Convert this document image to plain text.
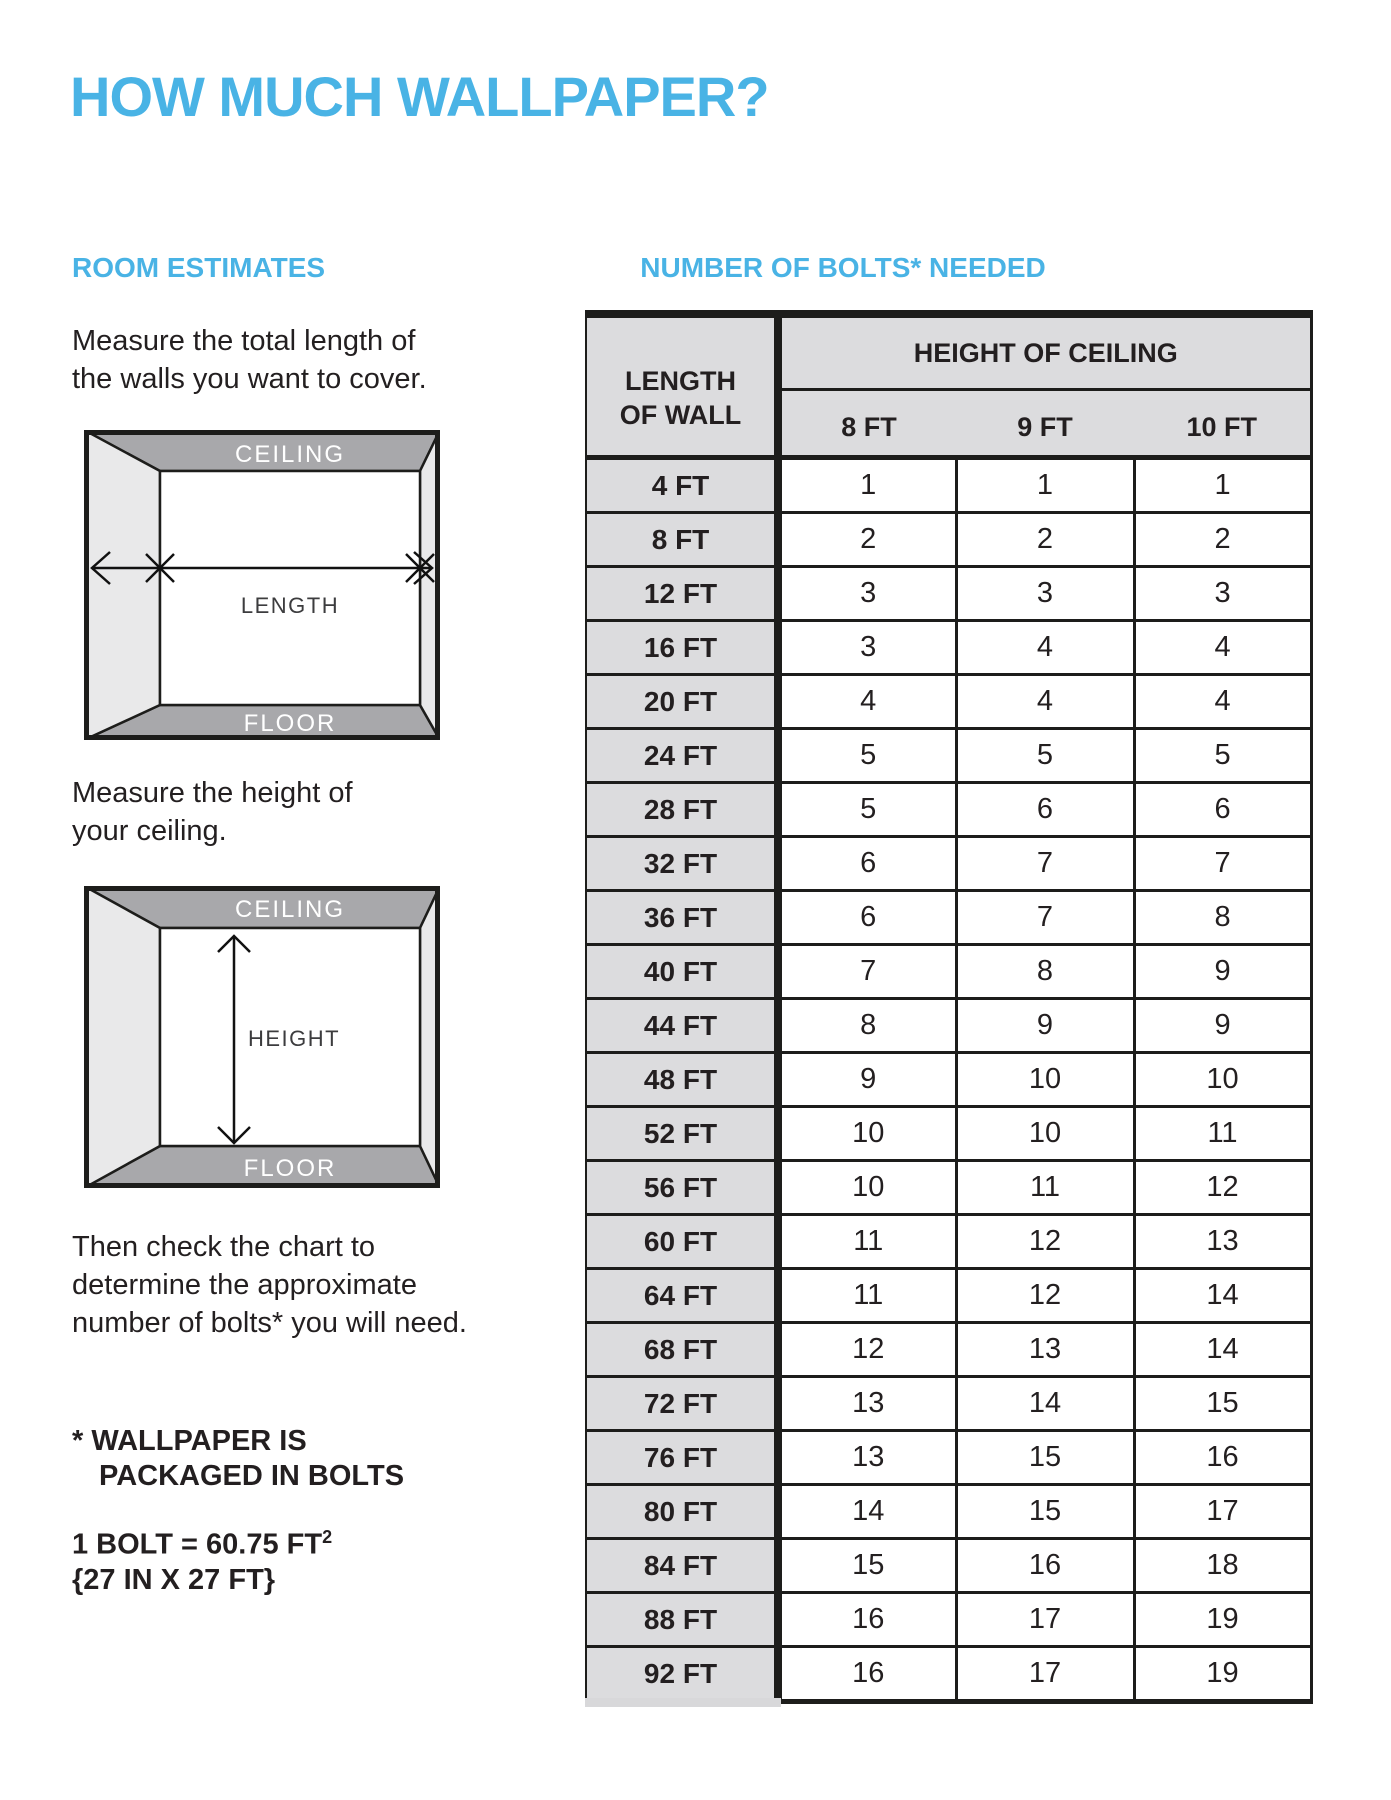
HOW MUCH WALLPAPER?
ROOM ESTIMATES	NUMBER OF BOLTS* NEEDED
Measure the total length of
the walls you want to cover.
CEILING
LENGTH
FLOOR
Measure the height of
your ceiling.
CEILING
HEIGHT
FLOOR
Then check the chart to
determine the approximate
number of bolts* you will need.
* WALLPAPER IS
PACKAGED IN BOLTS
1 BOLT = 60.75 $FT^2$
{27 IN X 27 FT}
LENGTH
OF WALL	HEIGHT OF CEILING		
	8 FT	9 FT	10 FT
4 FT	1	1	1
8 FT	2	2	2
12 FT	3	3	3
16 FT	3	4	4
20 FT	4	4	4
24 FT	5	5	5
28 FT	5	6	6
32 FT	6	7	7
36 FT	6	7	8
40 FT	7	8	9
44 FT	8	9	9
48 FT	9	10	10
52 FT	10	10	11
56 FT	10	11	12
60 FT	11	12	13
64 FT	11	12	14
68 FT	12	13	14
72 FT	13	14	15
76 FT	13	15	16
80 FT	14	15	17
84 FT	15	16	18
88 FT	16	17	19
92 FT	16	17	19
